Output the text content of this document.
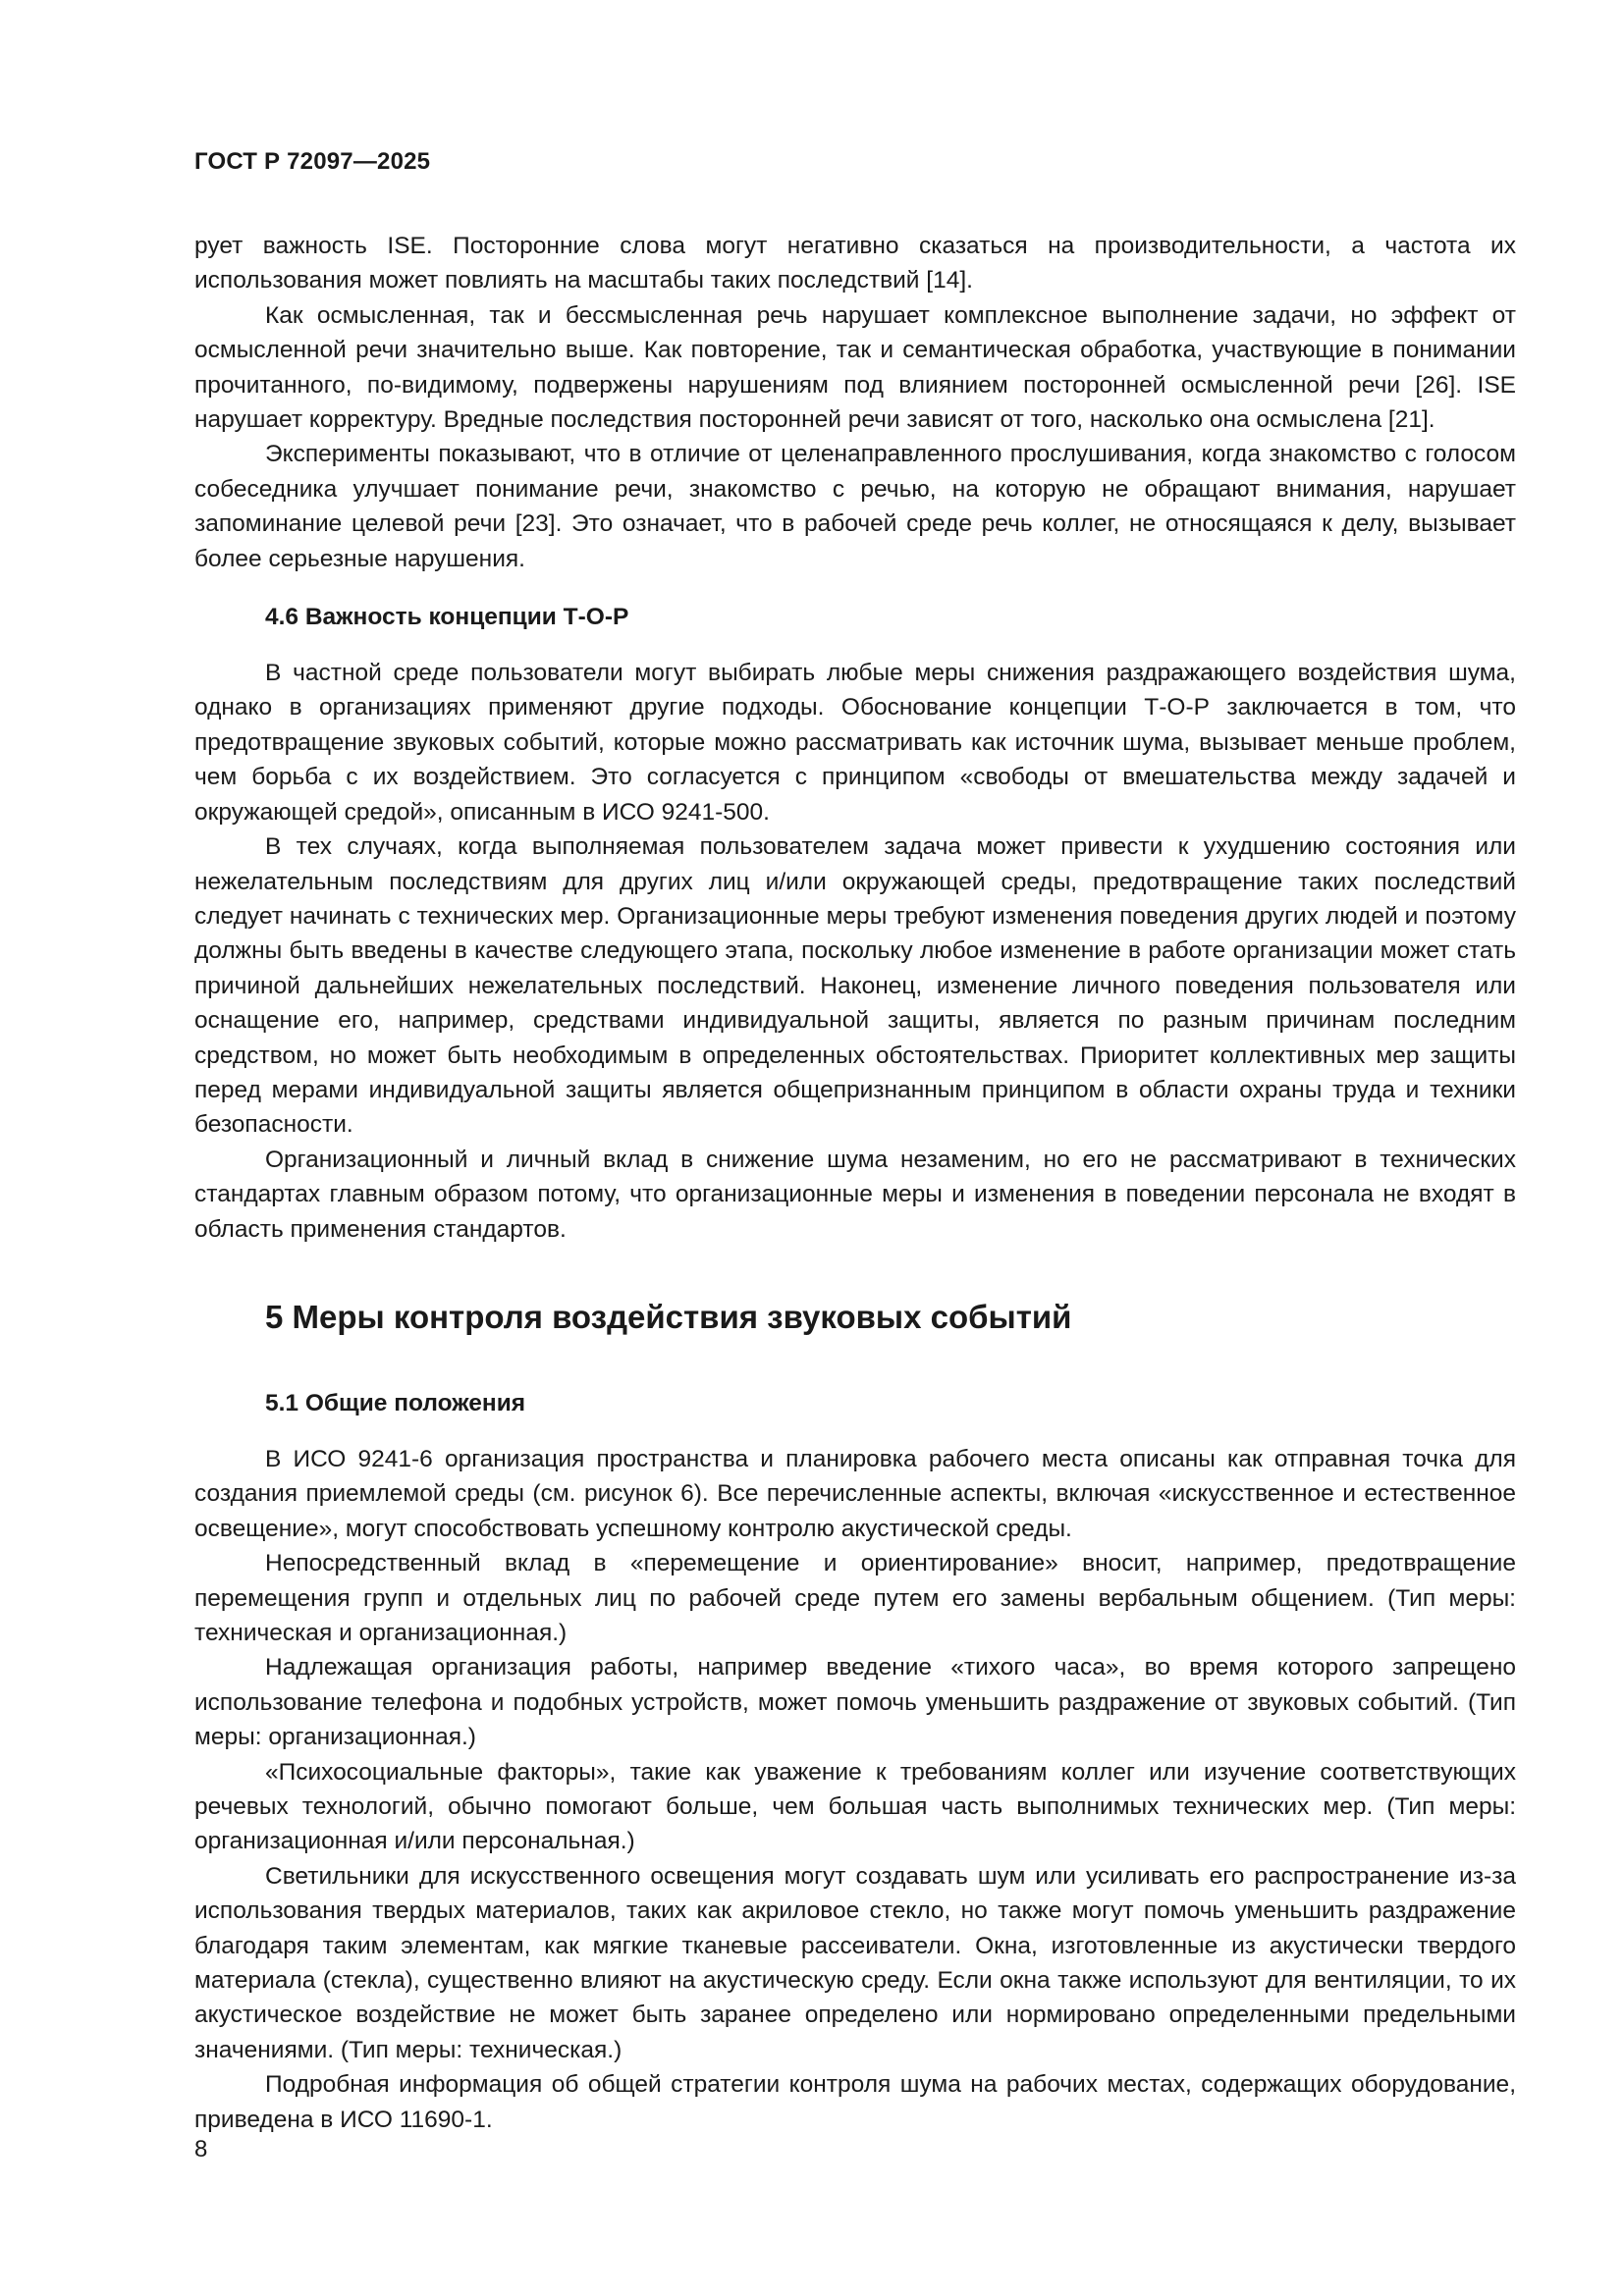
ГОСТ Р 72097—2025

рует важность ISE. Посторонние слова могут негативно сказаться на производительности, а частота их использования может повлиять на масштабы таких последствий [14].

Как осмысленная, так и бессмысленная речь нарушает комплексное выполнение задачи, но эффект от осмысленной речи значительно выше. Как повторение, так и семантическая обработка, участвующие в понимании прочитанного, по-видимому, подвержены нарушениям под влиянием посторонней осмысленной речи [26]. ISE нарушает корректуру. Вредные последствия посторонней речи зависят от того, насколько она осмыслена [21].

Эксперименты показывают, что в отличие от целенаправленного прослушивания, когда знакомство с голосом собеседника улучшает понимание речи, знакомство с речью, на которую не обращают внимания, нарушает запоминание целевой речи [23]. Это означает, что в рабочей среде речь коллег, не относящаяся к делу, вызывает более серьезные нарушения.

4.6 Важность концепции Т-О-Р

В частной среде пользователи могут выбирать любые меры снижения раздражающего воздействия шума, однако в организациях применяют другие подходы. Обоснование концепции Т-О-Р заключается в том, что предотвращение звуковых событий, которые можно рассматривать как источник шума, вызывает меньше проблем, чем борьба с их воздействием. Это согласуется с принципом «свободы от вмешательства между задачей и окружающей средой», описанным в ИСО 9241-500.

В тех случаях, когда выполняемая пользователем задача может привести к ухудшению состояния или нежелательным последствиям для других лиц и/или окружающей среды, предотвращение таких последствий следует начинать с технических мер. Организационные меры требуют изменения поведения других людей и поэтому должны быть введены в качестве следующего этапа, поскольку любое изменение в работе организации может стать причиной дальнейших нежелательных последствий. Наконец, изменение личного поведения пользователя или оснащение его, например, средствами индивидуальной защиты, является по разным причинам последним средством, но может быть необходимым в определенных обстоятельствах. Приоритет коллективных мер защиты перед мерами индивидуальной защиты является общепризнанным принципом в области охраны труда и техники безопасности.

Организационный и личный вклад в снижение шума незаменим, но его не рассматривают в технических стандартах главным образом потому, что организационные меры и изменения в поведении персонала не входят в область применения стандартов.

5 Меры контроля воздействия звуковых событий
5.1 Общие положения

В ИСО 9241-6 организация пространства и планировка рабочего места описаны как отправная точка для создания приемлемой среды (см. рисунок 6). Все перечисленные аспекты, включая «искусственное и естественное освещение», могут способствовать успешному контролю акустической среды.

Непосредственный вклад в «перемещение и ориентирование» вносит, например, предотвращение перемещения групп и отдельных лиц по рабочей среде путем его замены вербальным общением. (Тип меры: техническая и организационная.)

Надлежащая организация работы, например введение «тихого часа», во время которого запрещено использование телефона и подобных устройств, может помочь уменьшить раздражение от звуковых событий. (Тип меры: организационная.)

«Психосоциальные факторы», такие как уважение к требованиям коллег или изучение соответствующих речевых технологий, обычно помогают больше, чем большая часть выполнимых технических мер. (Тип меры: организационная и/или персональная.)

Светильники для искусственного освещения могут создавать шум или усиливать его распространение из-за использования твердых материалов, таких как акриловое стекло, но также могут помочь уменьшить раздражение благодаря таким элементам, как мягкие тканевые рассеиватели. Окна, изготовленные из акустически твердого материала (стекла), существенно влияют на акустическую среду. Если окна также используют для вентиляции, то их акустическое воздействие не может быть заранее определено или нормировано определенными предельными значениями. (Тип меры: техническая.)

Подробная информация об общей стратегии контроля шума на рабочих местах, содержащих оборудование, приведена в ИСО 11690-1.

8
